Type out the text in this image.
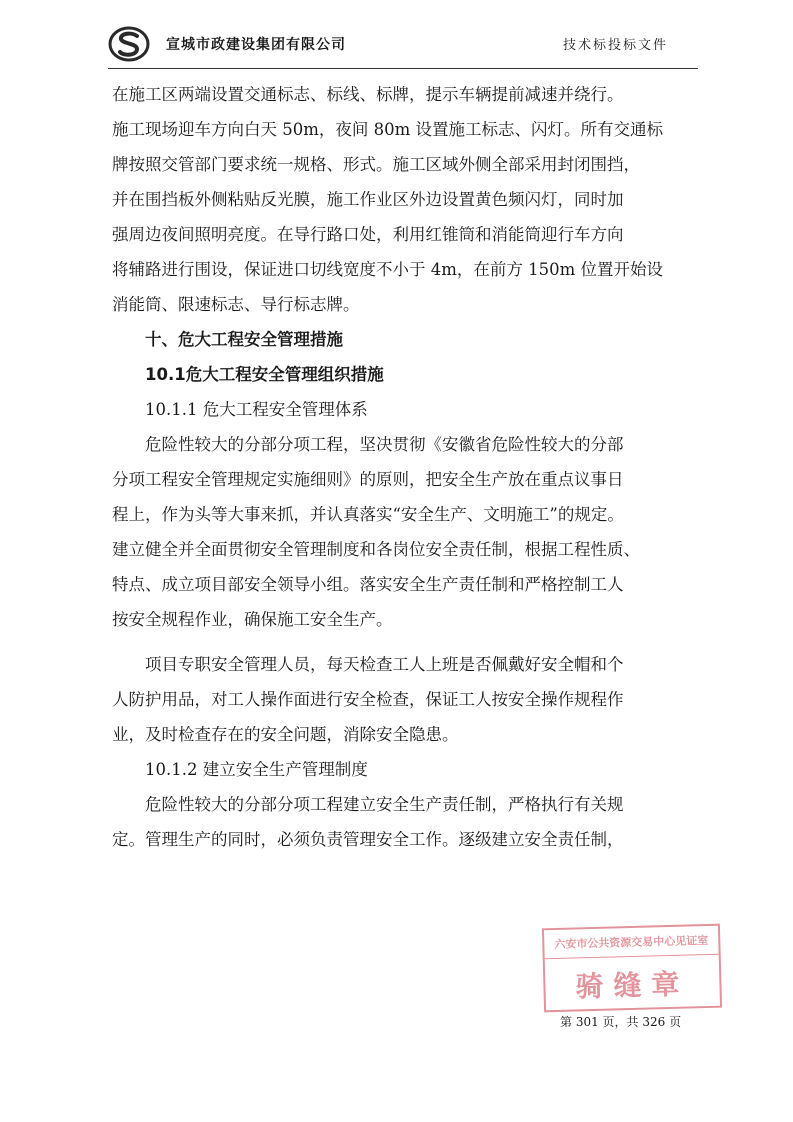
宣城市政建设集团有限公司	技术标投标文件
在施工区两端设置交通标志、标线、标牌，提示车辆提前减速并绕行。
施工现场迎车方向白天 50m，夜间 80m 设置施工标志、闪灯。所有交通标
牌按照交管部门要求统一规格、形式。施工区域外侧全部采用封闭围挡，
并在围挡板外侧粘贴反光膜，施工作业区外边设置黄色频闪灯，同时加
强周边夜间照明亮度。在导行路口处，利用红锥筒和消能筒迎行车方向
将辅路进行围设，保证进口切线宽度不小于 4m，在前方 150m 位置开始设
消能筒、限速标志、导行标志牌。
十、危大工程安全管理措施
10.1危大工程安全管理组织措施
10.1.1 危大工程安全管理体系
危险性较大的分部分项工程，坚决贯彻《安徽省危险性较大的分部
分项工程安全管理规定实施细则》的原则，把安全生产放在重点议事日
程上，作为头等大事来抓，并认真落实“安全生产、文明施工”的规定。
建立健全并全面贯彻安全管理制度和各岗位安全责任制，根据工程性质、
特点、成立项目部安全领导小组。落实安全生产责任制和严格控制工人
按安全规程作业，确保施工安全生产。
项目专职安全管理人员，每天检查工人上班是否佩戴好安全帽和个
人防护用品，对工人操作面进行安全检查，保证工人按安全操作规程作
业，及时检查存在的安全问题，消除安全隐患。
10.1.2 建立安全生产管理制度
危险性较大的分部分项工程建立安全生产责任制，严格执行有关规
定。管理生产的同时，必须负责管理安全工作。逐级建立安全责任制，
六安市公共资源交易中心见证室
骑缝章
第 301 页，共 326 页
